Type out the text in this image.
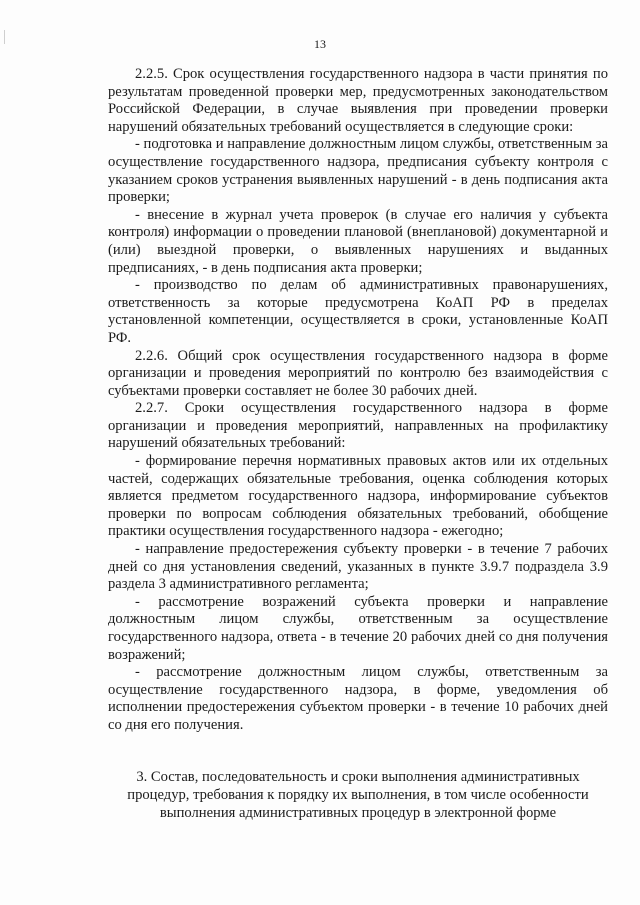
13

2.2.5. Срок осуществления государственного надзора в части принятия по результатам проведенной проверки мер, предусмотренных законодательством Российской Федерации, в случае выявления при проведении проверки нарушений обязательных требований осуществляется в следующие сроки:

- подготовка и направление должностным лицом службы, ответственным за осуществление государственного надзора, предписания субъекту контроля с указанием сроков устранения выявленных нарушений - в день подписания акта проверки;

- внесение в журнал учета проверок (в случае его наличия у субъекта контроля) информации о проведении плановой (внеплановой) документарной и (или) выездной проверки, о выявленных нарушениях и выданных предписаниях, - в день подписания акта проверки;

- производство по делам об административных правонарушениях, ответственность за которые предусмотрена КоАП РФ в пределах установленной компетенции, осуществляется в сроки, установленные КоАП РФ.

2.2.6. Общий срок осуществления государственного надзора в форме организации и проведения мероприятий по контролю без взаимодействия с субъектами проверки составляет не более 30 рабочих дней.

2.2.7. Сроки осуществления государственного надзора в форме организации и проведения мероприятий, направленных на профилактику нарушений обязательных требований:

- формирование перечня нормативных правовых актов или их отдельных частей, содержащих обязательные требования, оценка соблюдения которых является предметом государственного надзора, информирование субъектов проверки по вопросам соблюдения обязательных требований, обобщение практики осуществления государственного надзора - ежегодно;

- направление предостережения субъекту проверки - в течение 7 рабочих дней со дня установления сведений, указанных в пункте 3.9.7 подраздела 3.9 раздела 3 административного регламента;

- рассмотрение возражений субъекта проверки и направление должностным лицом службы, ответственным за осуществление государственного надзора, ответа - в течение 20 рабочих дней со дня получения возражений;

- рассмотрение должностным лицом службы, ответственным за осуществление государственного надзора, в форме, уведомления об исполнении предостережения субъектом проверки - в течение 10 рабочих дней со дня его получения.

3. Состав, последовательность и сроки выполнения административных процедур, требования к порядку их выполнения, в том числе особенности выполнения административных процедур в электронной форме
